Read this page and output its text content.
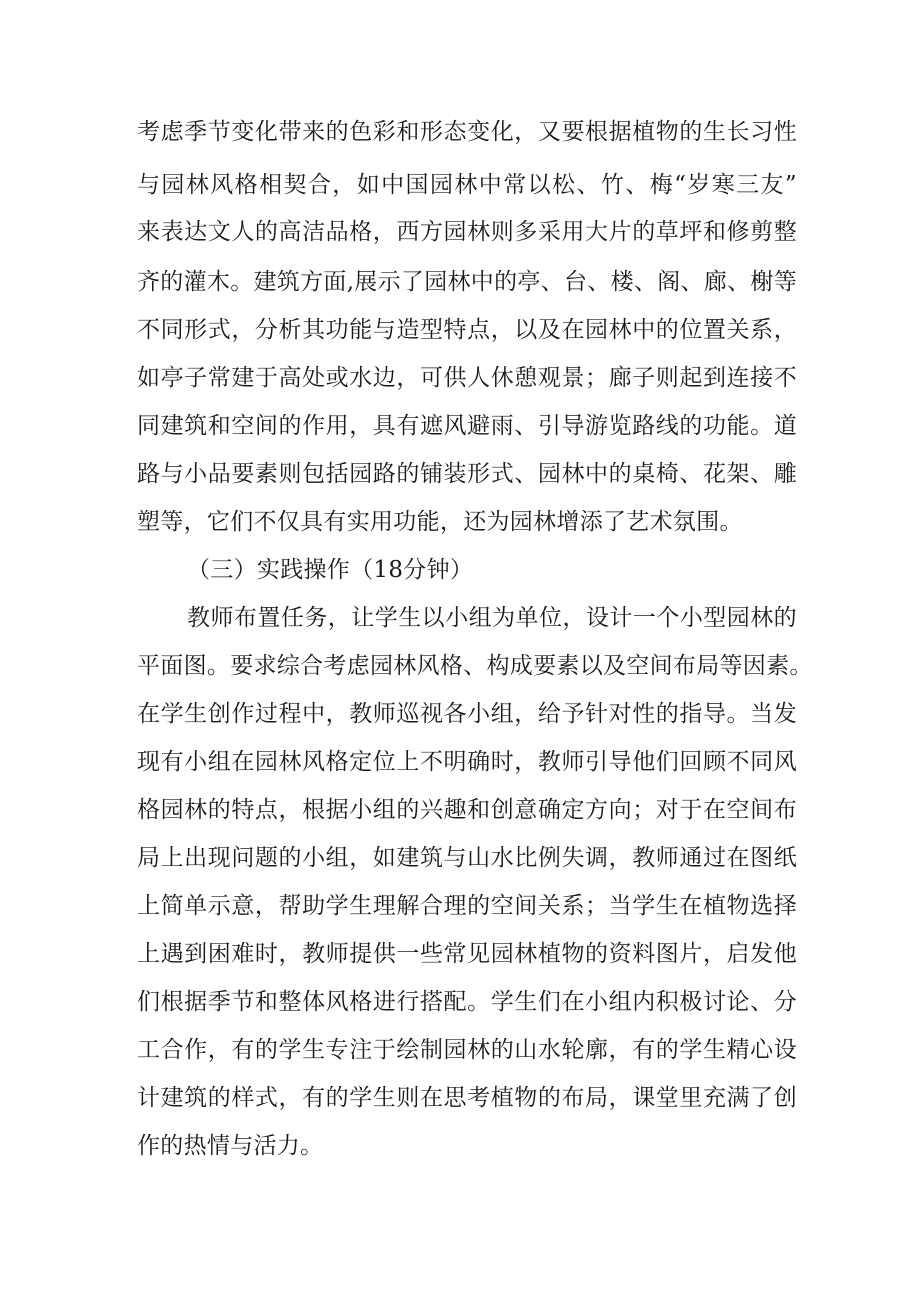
考虑季节变化带来的色彩和形态变化，又要根据植物的生长习性
与园林风格相契合，如中国园林中常以松、竹、梅“岁寒三友”
来表达文人的高洁品格，西方园林则多采用大片的草坪和修剪整
齐的灌木。建筑方面,展示了园林中的亭、台、楼、阁、廊、榭等
不同形式，分析其功能与造型特点，以及在园林中的位置关系，
如亭子常建于高处或水边，可供人休憩观景；廊子则起到连接不
同建筑和空间的作用，具有遮风避雨、引导游览路线的功能。道
路与小品要素则包括园路的铺装形式、园林中的桌椅、花架、雕
塑等，它们不仅具有实用功能，还为园林增添了艺术氛围。
（三）实践操作（18分钟）
教师布置任务，让学生以小组为单位，设计一个小型园林的
平面图。要求综合考虑园林风格、构成要素以及空间布局等因素。
在学生创作过程中，教师巡视各小组，给予针对性的指导。当发
现有小组在园林风格定位上不明确时，教师引导他们回顾不同风
格园林的特点，根据小组的兴趣和创意确定方向；对于在空间布
局上出现问题的小组，如建筑与山水比例失调，教师通过在图纸
上简单示意，帮助学生理解合理的空间关系；当学生在植物选择
上遇到困难时，教师提供一些常见园林植物的资料图片，启发他
们根据季节和整体风格进行搭配。学生们在小组内积极讨论、分
工合作，有的学生专注于绘制园林的山水轮廓，有的学生精心设
计建筑的样式，有的学生则在思考植物的布局，课堂里充满了创
作的热情与活力。
